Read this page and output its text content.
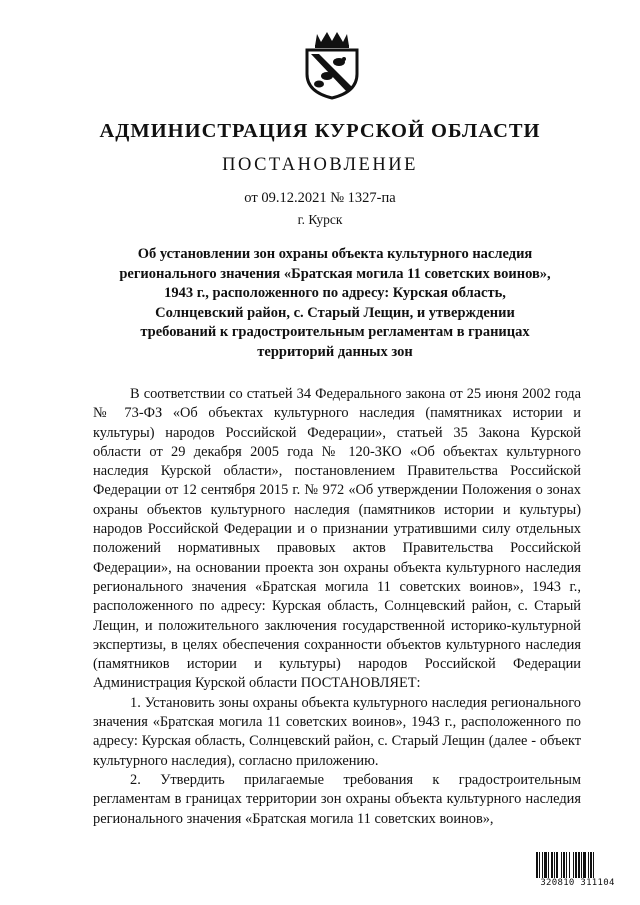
АДМИНИСТРАЦИЯ КУРСКОЙ ОБЛАСТИ
ПОСТАНОВЛЕНИЕ
от 09.12.2021 № 1327-па
г. Курск
Об установлении зон охраны объекта культурного наследия
регионального значения «Братская могила 11 советских воинов»,
1943 г., расположенного по адресу: Курская область,
Солнцевский район, с. Старый Лещин, и утверждении
требований к градостроительным регламентам в границах
территорий данных зон

В соответствии со статьей 34 Федерального закона от 25 июня 2002 года № 73-ФЗ «Об объектах культурного наследия (памятниках истории и культуры) народов Российской Федерации», статьей 35 Закона Курской области от 29 декабря 2005 года № 120-ЗКО «Об объектах культурного наследия Курской области», постановлением Правительства Российской Федерации от 12 сентября 2015 г. № 972 «Об утверждении Положения о зонах охраны объектов культурного наследия (памятников истории и культуры) народов Российской Федерации и о признании утратившими силу отдельных положений нормативных правовых актов Правительства Российской Федерации», на основании проекта зон охраны объекта культурного наследия регионального значения «Братская могила 11 советских воинов», 1943 г., расположенного по адресу: Курская область, Солнцевский район, с. Старый Лещин, и положительного заключения государственной историко-культурной экспертизы, в целях обеспечения сохранности объектов культурного наследия (памятников истории и культуры) народов Российской Федерации Администрация Курской области ПОСТАНОВЛЯЕТ:

1. Установить зоны охраны объекта культурного наследия регионального значения «Братская могила 11 советских воинов», 1943 г., расположенного по адресу: Курская область, Солнцевский район, с. Старый Лещин (далее - объект культурного наследия), согласно приложению.

2. Утвердить прилагаемые требования к градостроительным регламентам в границах территории зон охраны объекта культурного наследия регионального значения «Братская могила 11 советских воинов»,

320810 311104
